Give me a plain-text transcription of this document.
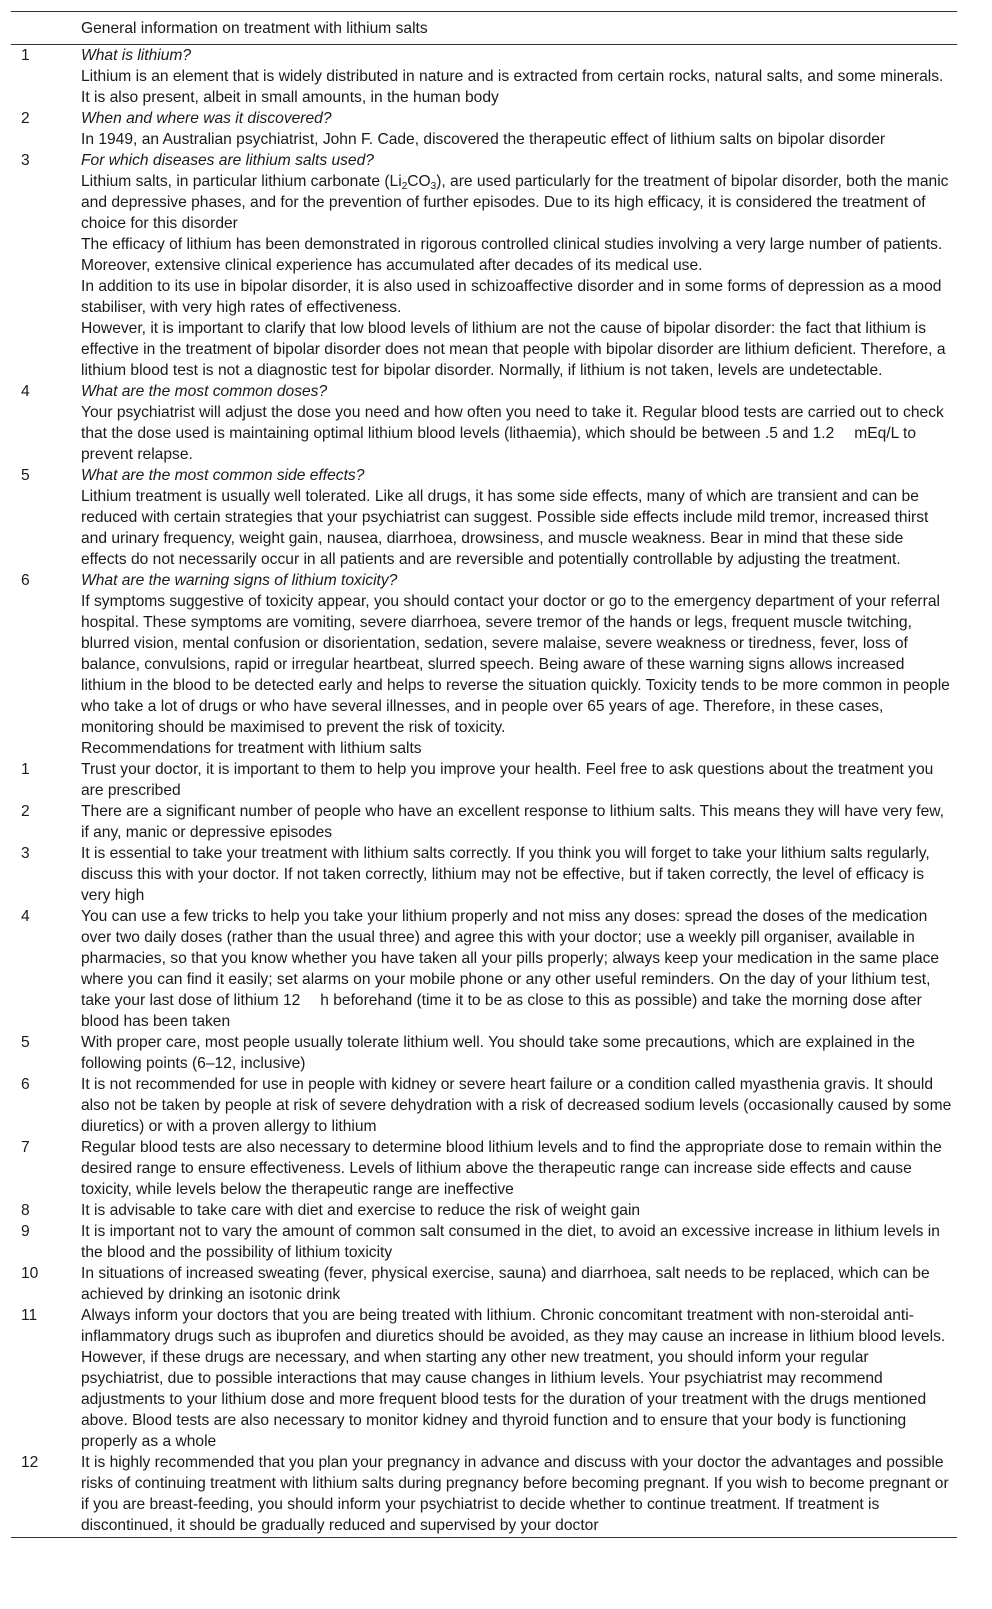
	General information on treatment with lithium salts
1	What is lithium?
	Lithium is an element that is widely distributed in nature and is extracted from certain rocks, natural salts, and some minerals. It is also present, albeit in small amounts, in the human body
2	When and where was it discovered?
	In 1949, an Australian psychiatrist, John F. Cade, discovered the therapeutic effect of lithium salts on bipolar disorder
3	For which diseases are lithium salts used?
	Lithium salts, in particular lithium carbonate $(Li_2CO_3)$, are used particularly for the treatment of bipolar disorder, both the manic and depressive phases, and for the prevention of further episodes. Due to its high efficacy, it is considered the treatment of choice for this disorder
	The efficacy of lithium has been demonstrated in rigorous controlled clinical studies involving a very large number of patients. Moreover, extensive clinical experience has accumulated after decades of its medical use.
	In addition to its use in bipolar disorder, it is also used in schizoaffective disorder and in some forms of depression as a mood stabiliser, with very high rates of effectiveness.
	However, it is important to clarify that low blood levels of lithium are not the cause of bipolar disorder: the fact that lithium is effective in the treatment of bipolar disorder does not mean that people with bipolar disorder are lithium deficient. Therefore, a lithium blood test is not a diagnostic test for bipolar disorder. Normally, if lithium is not taken, levels are undetectable.
4	What are the most common doses?
	Your psychiatrist will adjust the dose you need and how often you need to take it. Regular blood tests are carried out to check that the dose used is maintaining optimal lithium blood levels (lithaemia), which should be between .5 and 1.2  mEq/L to prevent relapse.
5	What are the most common side effects?
	Lithium treatment is usually well tolerated. Like all drugs, it has some side effects, many of which are transient and can be reduced with certain strategies that your psychiatrist can suggest. Possible side effects include mild tremor, increased thirst and urinary frequency, weight gain, nausea, diarrhoea, drowsiness, and muscle weakness. Bear in mind that these side effects do not necessarily occur in all patients and are reversible and potentially controllable by adjusting the treatment.
6	What are the warning signs of lithium toxicity?
	If symptoms suggestive of toxicity appear, you should contact your doctor or go to the emergency department of your referral hospital. These symptoms are vomiting, severe diarrhoea, severe tremor of the hands or legs, frequent muscle twitching, blurred vision, mental confusion or disorientation, sedation, severe malaise, severe weakness or tiredness, fever, loss of balance, convulsions, rapid or irregular heartbeat, slurred speech. Being aware of these warning signs allows increased lithium in the blood to be detected early and helps to reverse the situation quickly. Toxicity tends to be more common in people who take a lot of drugs or who have several illnesses, and in people over 65 years of age. Therefore, in these cases, monitoring should be maximised to prevent the risk of toxicity.
	Recommendations for treatment with lithium salts
1	Trust your doctor, it is important to them to help you improve your health. Feel free to ask questions about the treatment you are prescribed
2	There are a significant number of people who have an excellent response to lithium salts. This means they will have very few, if any, manic or depressive episodes
3	It is essential to take your treatment with lithium salts correctly. If you think you will forget to take your lithium salts regularly, discuss this with your doctor. If not taken correctly, lithium may not be effective, but if taken correctly, the level of efficacy is very high
4	You can use a few tricks to help you take your lithium properly and not miss any doses: spread the doses of the medication over two daily doses (rather than the usual three) and agree this with your doctor; use a weekly pill organiser, available in pharmacies, so that you know whether you have taken all your pills properly; always keep your medication in the same place where you can find it easily; set alarms on your mobile phone or any other useful reminders. On the day of your lithium test, take your last dose of lithium 12  h beforehand (time it to be as close to this as possible) and take the morning dose after blood has been taken
5	With proper care, most people usually tolerate lithium well. You should take some precautions, which are explained in the following points (6–12, inclusive)
6	It is not recommended for use in people with kidney or severe heart failure or a condition called myasthenia gravis. It should also not be taken by people at risk of severe dehydration with a risk of decreased sodium levels (occasionally caused by some diuretics) or with a proven allergy to lithium
7	Regular blood tests are also necessary to determine blood lithium levels and to find the appropriate dose to remain within the desired range to ensure effectiveness. Levels of lithium above the therapeutic range can increase side effects and cause toxicity, while levels below the therapeutic range are ineffective
8	It is advisable to take care with diet and exercise to reduce the risk of weight gain
9	It is important not to vary the amount of common salt consumed in the diet, to avoid an excessive increase in lithium levels in the blood and the possibility of lithium toxicity
10	In situations of increased sweating (fever, physical exercise, sauna) and diarrhoea, salt needs to be replaced, which can be achieved by drinking an isotonic drink
11	Always inform your doctors that you are being treated with lithium. Chronic concomitant treatment with non-steroidal anti-inflammatory drugs such as ibuprofen and diuretics should be avoided, as they may cause an increase in lithium blood levels. However, if these drugs are necessary, and when starting any other new treatment, you should inform your regular psychiatrist, due to possible interactions that may cause changes in lithium levels. Your psychiatrist may recommend adjustments to your lithium dose and more frequent blood tests for the duration of your treatment with the drugs mentioned above. Blood tests are also necessary to monitor kidney and thyroid function and to ensure that your body is functioning properly as a whole
12	It is highly recommended that you plan your pregnancy in advance and discuss with your doctor the advantages and possible risks of continuing treatment with lithium salts during pregnancy before becoming pregnant. If you wish to become pregnant or if you are breast-feeding, you should inform your psychiatrist to decide whether to continue treatment. If treatment is discontinued, it should be gradually reduced and supervised by your doctor
